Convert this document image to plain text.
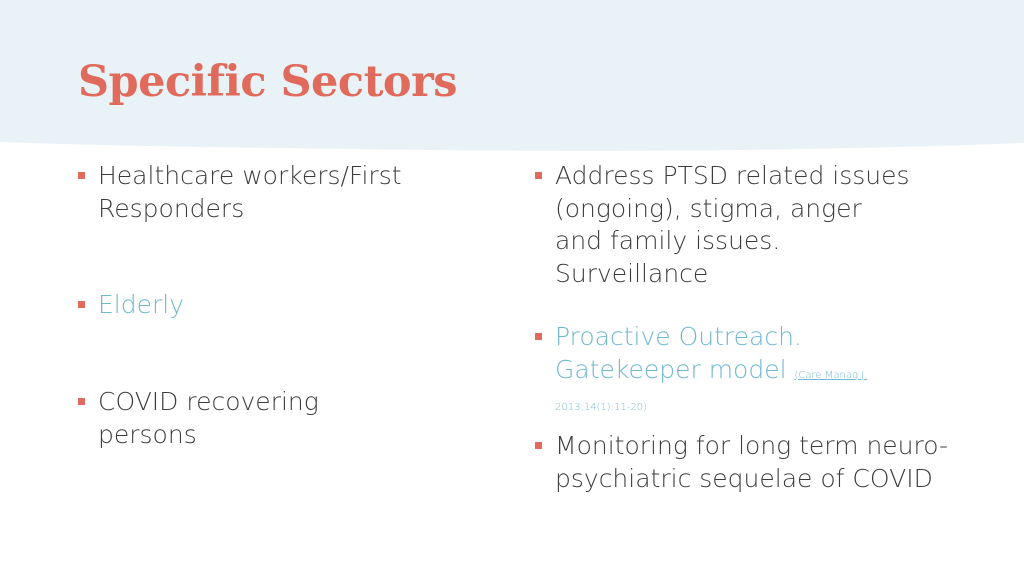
Specific Sectors
Healthcare workers/First Responders
Elderly
COVID recovering persons
Address PTSD related issues (ongoing), stigma, anger and family issues. Surveillance
Proactive Outreach. Gatekeeper model (Care Manag J. 2013;14(1):11-20)
Monitoring for long term neuro-psychiatric sequelae of COVID
